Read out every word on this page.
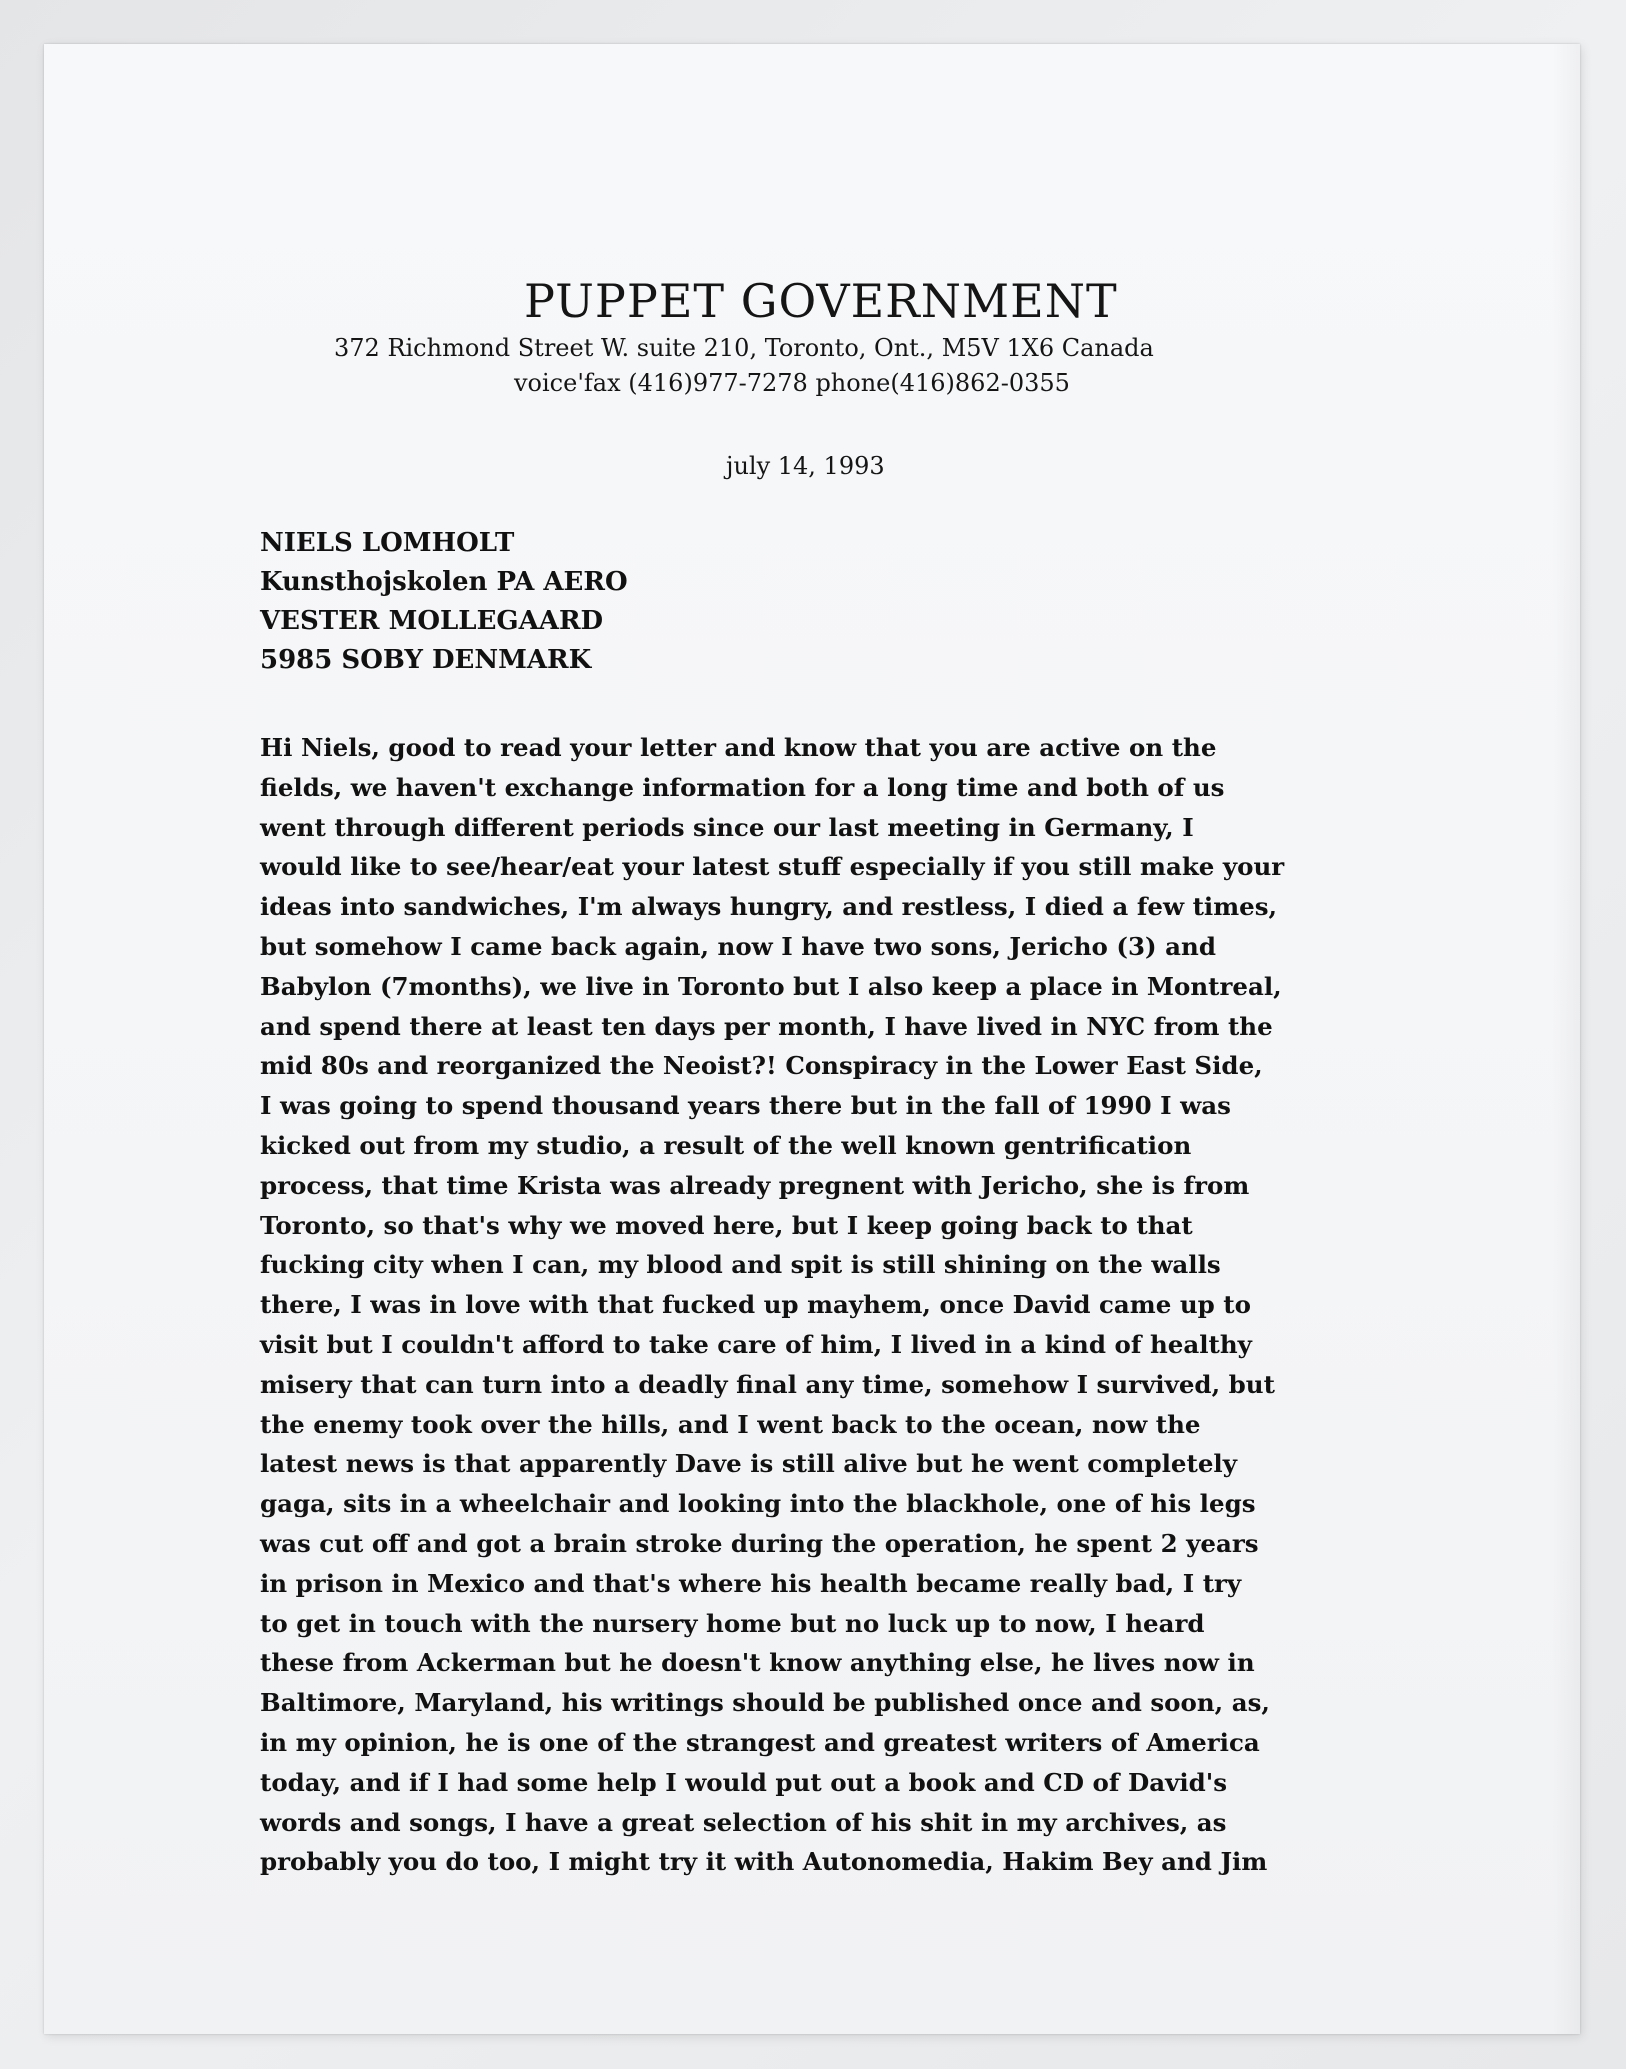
PUPPET GOVERNMENT
372 Richmond Street W. suite 210, Toronto, Ont., M5V 1X6 Canada
voice'fax (416)977-7278 phone(416)862-0355
july 14, 1993
NIELS LOMHOLT
Kunsthojskolen PA AERO
VESTER MOLLEGAARD
5985 SOBY DENMARK
Hi Niels, good to read your letter and know that you are active on the
fields, we haven't exchange information for a long time and both of us
went through different periods since our last meeting in Germany, I
would like to see/hear/eat your latest stuff especially if you still make your
ideas into sandwiches, I'm always hungry, and restless, I died a few times,
but somehow I came back again, now I have two sons, Jericho (3) and
Babylon (7months), we live in Toronto but I also keep a place in Montreal,
and spend there at least ten days per month, I have lived in NYC from the
mid 80s and reorganized the Neoist?! Conspiracy in the Lower East Side,
I was going to spend thousand years there but in the fall of 1990 I was
kicked out from my studio, a result of the well known gentrification
process, that time Krista was already pregnent with Jericho, she is from
Toronto, so that's why we moved here, but I keep going back to that
fucking city when I can, my blood and spit is still shining on the walls
there, I was in love with that fucked up mayhem, once David came up to
visit but I couldn't afford to take care of him, I lived in a kind of healthy
misery that can turn into a deadly final any time, somehow I survived, but
the enemy took over the hills, and I went back to the ocean, now the
latest news is that apparently Dave is still alive but he went completely
gaga, sits in a wheelchair and looking into the blackhole, one of his legs
was cut off and got a brain stroke during the operation, he spent 2 years
in prison in Mexico and that's where his health became really bad, I try
to get in touch with the nursery home but no luck up to now, I heard
these from Ackerman but he doesn't know anything else, he lives now in
Baltimore, Maryland, his writings should be published once and soon, as,
in my opinion, he is one of the strangest and greatest writers of America
today, and if I had some help I would put out a book and CD of David's
words and songs, I have a great selection of his shit in my archives, as
probably you do too, I might try it with Autonomedia, Hakim Bey and Jim
